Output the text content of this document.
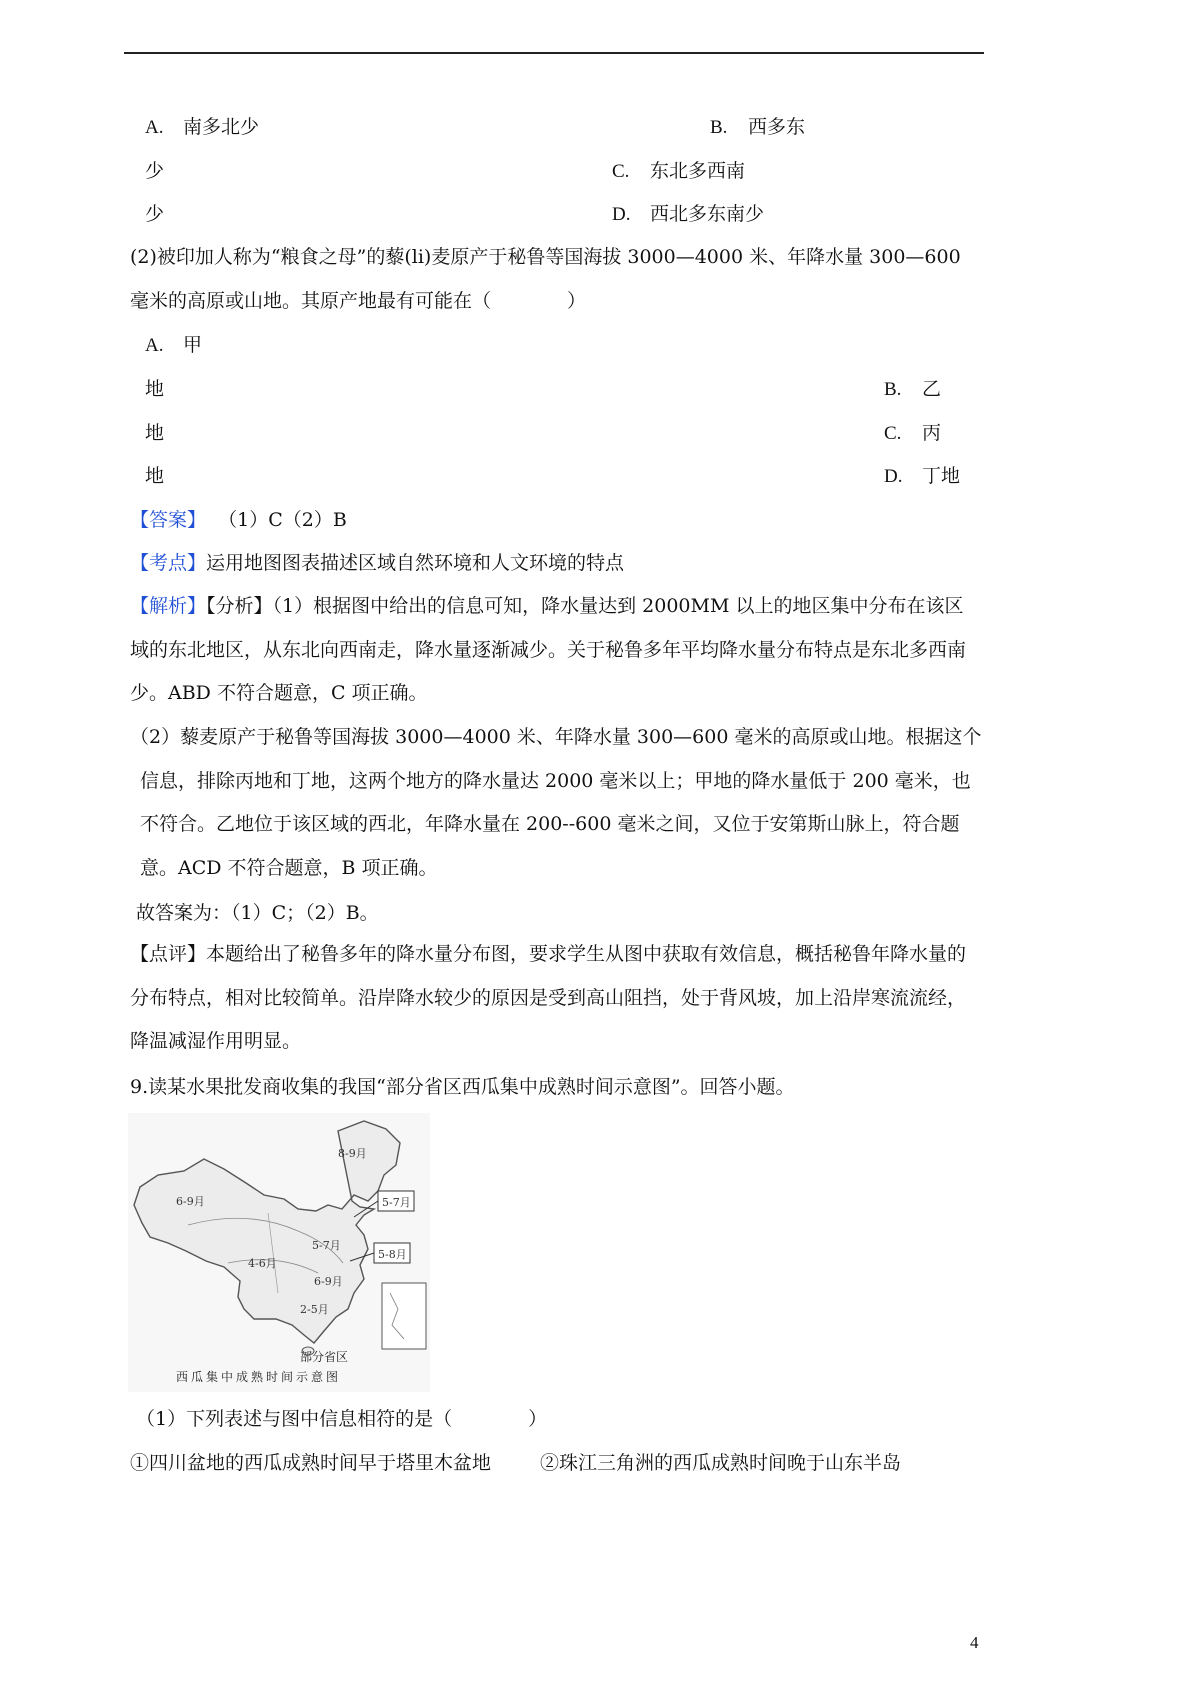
A. 南多北少	B. 西多东
少	C. 东北多西南
少	D. 西北多东南少
(2)被印加人称为“粮食之母”的藜(li)麦原产于秘鲁等国海拔 3000—4000 米、年降水量 300—600
毫米的高原或山地。其原产地最有可能在（　　　　）
A. 甲
地	B. 乙
地	C. 丙
地	D. 丁地
【答案】 （1）C（2）B
【考点】运用地图图表描述区域自然环境和人文环境的特点
【解析】【分析】（1）根据图中给出的信息可知，降水量达到 2000MM 以上的地区集中分布在该区域的东北地区，从东北向西南走，降水量逐渐减少。关于秘鲁多年平均降水量分布特点是东北多西南少。ABD 不符合题意，C 项正确。
（2）藜麦原产于秘鲁等国海拔 3000—4000 米、年降水量 300—600 毫米的高原或山地。根据这个信息，排除丙地和丁地，这两个地方的降水量达 2000 毫米以上；甲地的降水量低于 200 毫米，也不符合。乙地位于该区域的西北，年降水量在 200--600 毫米之间，又位于安第斯山脉上，符合题意。ACD 不符合题意，B 项正确。
故答案为：（1）C；（2）B。
【点评】本题给出了秘鲁多年的降水量分布图，要求学生从图中获取有效信息，概括秘鲁年降水量的分布特点，相对比较简单。沿岸降水较少的原因是受到高山阻挡，处于背风坡，加上沿岸寒流流经，降温减湿作用明显。
9.读某水果批发商收集的我国“部分省区西瓜集中成熟时间示意图”。回答小题。
8-9月
6-9月	5-7月
5-7月
5-8月
4-6月
6-9月
2-5月
部分省区
西瓜集中成熟时间示意图
（1）下列表述与图中信息相符的是（　　　　）
①四川盆地的西瓜成熟时间早于塔里木盆地	②珠江三角洲的西瓜成熟时间晚于山东半岛
4
